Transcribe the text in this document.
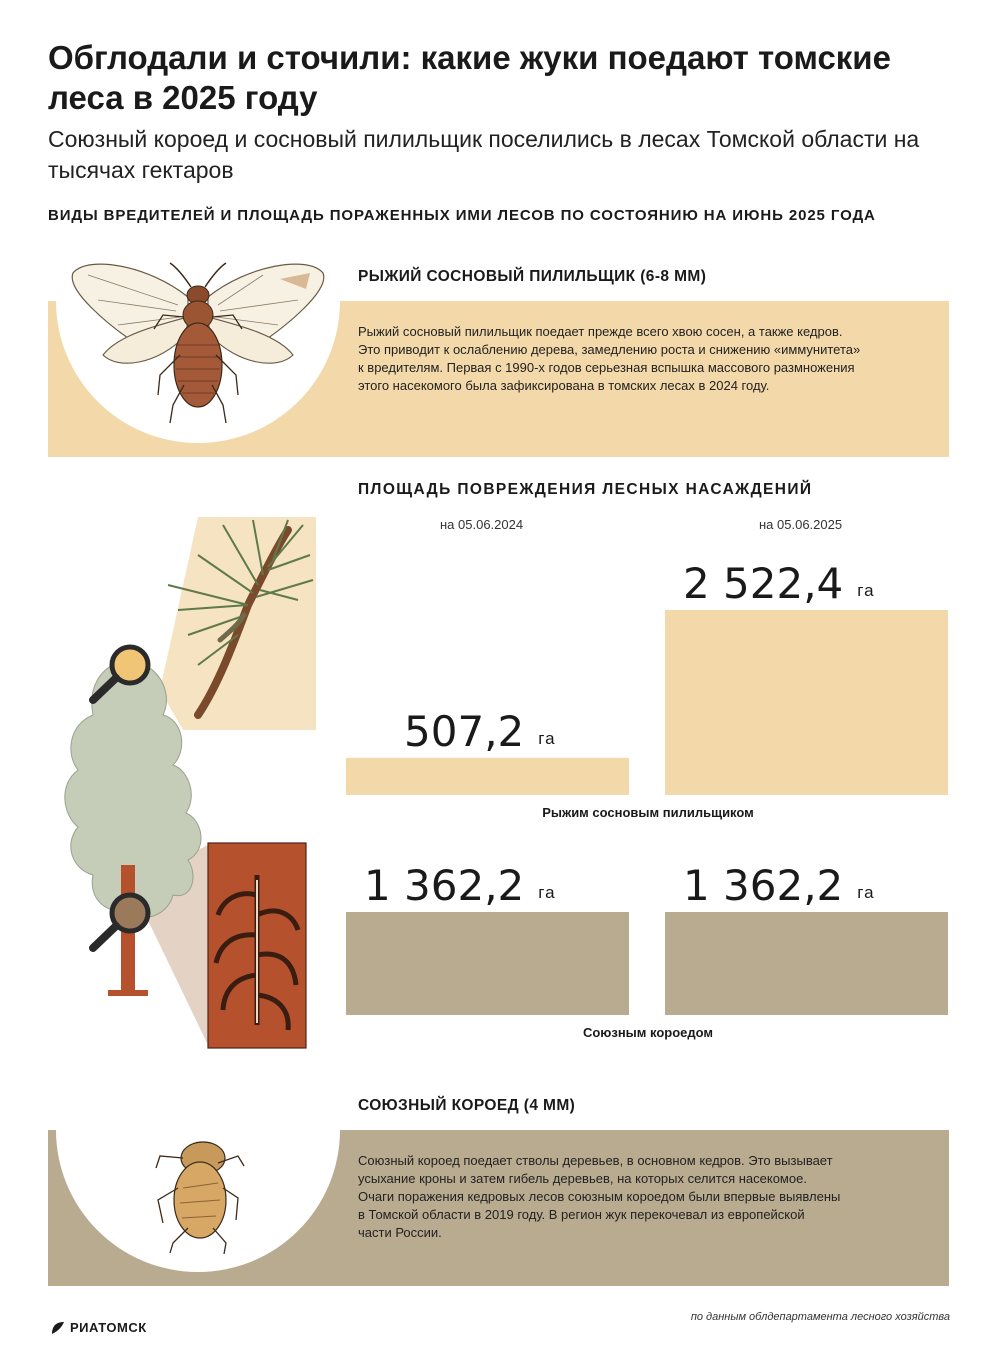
Обглодали и сточили: какие жуки поедают томские леса в 2025 году

Союзный короед и сосновый пилильщик поселились в лесах Томской области на тысячах гектаров

ВИДЫ ВРЕДИТЕЛЕЙ И ПЛОЩАДЬ ПОРАЖЕННЫХ ИМИ ЛЕСОВ ПО СОСТОЯНИЮ НА ИЮНЬ 2025 ГОДА
РЫЖИЙ СОСНОВЫЙ ПИЛИЛЬЩИК (6-8 ММ)
Рыжий сосновый пилильщик поедает прежде всего хвою сосен, а также кедров.
Это приводит к ослаблению дерева, замедлению роста и снижению «иммунитета»
к вредителям. Первая с 1990-х годов серьезная вспышка массового размножения
этого насекомого была зафиксирована в томских лесах в 2024 году.
ПЛОЩАДЬ ПОВРЕЖДЕНИЯ ЛЕСНЫХ НАСАЖДЕНИЙ
на 05.06.2024	на 05.06.2025
507,2 га
2 522,4 га
Рыжим сосновым пилильщиком
1 362,2 га	1 362,2 га
Союзным короедом
СОЮЗНЫЙ КОРОЕД (4 ММ)
Союзный короед поедает стволы деревьев, в основном кедров. Это вызывает
усыхание кроны и затем гибель деревьев, на которых селится насекомое.
Очаги поражения кедровых лесов союзным короедом были впервые выявлены
в Томской области в 2019 году. В регион жук перекочевал из европейской
части России.
РИАТОМСК
по данным облдепартамента лесного хозяйства
